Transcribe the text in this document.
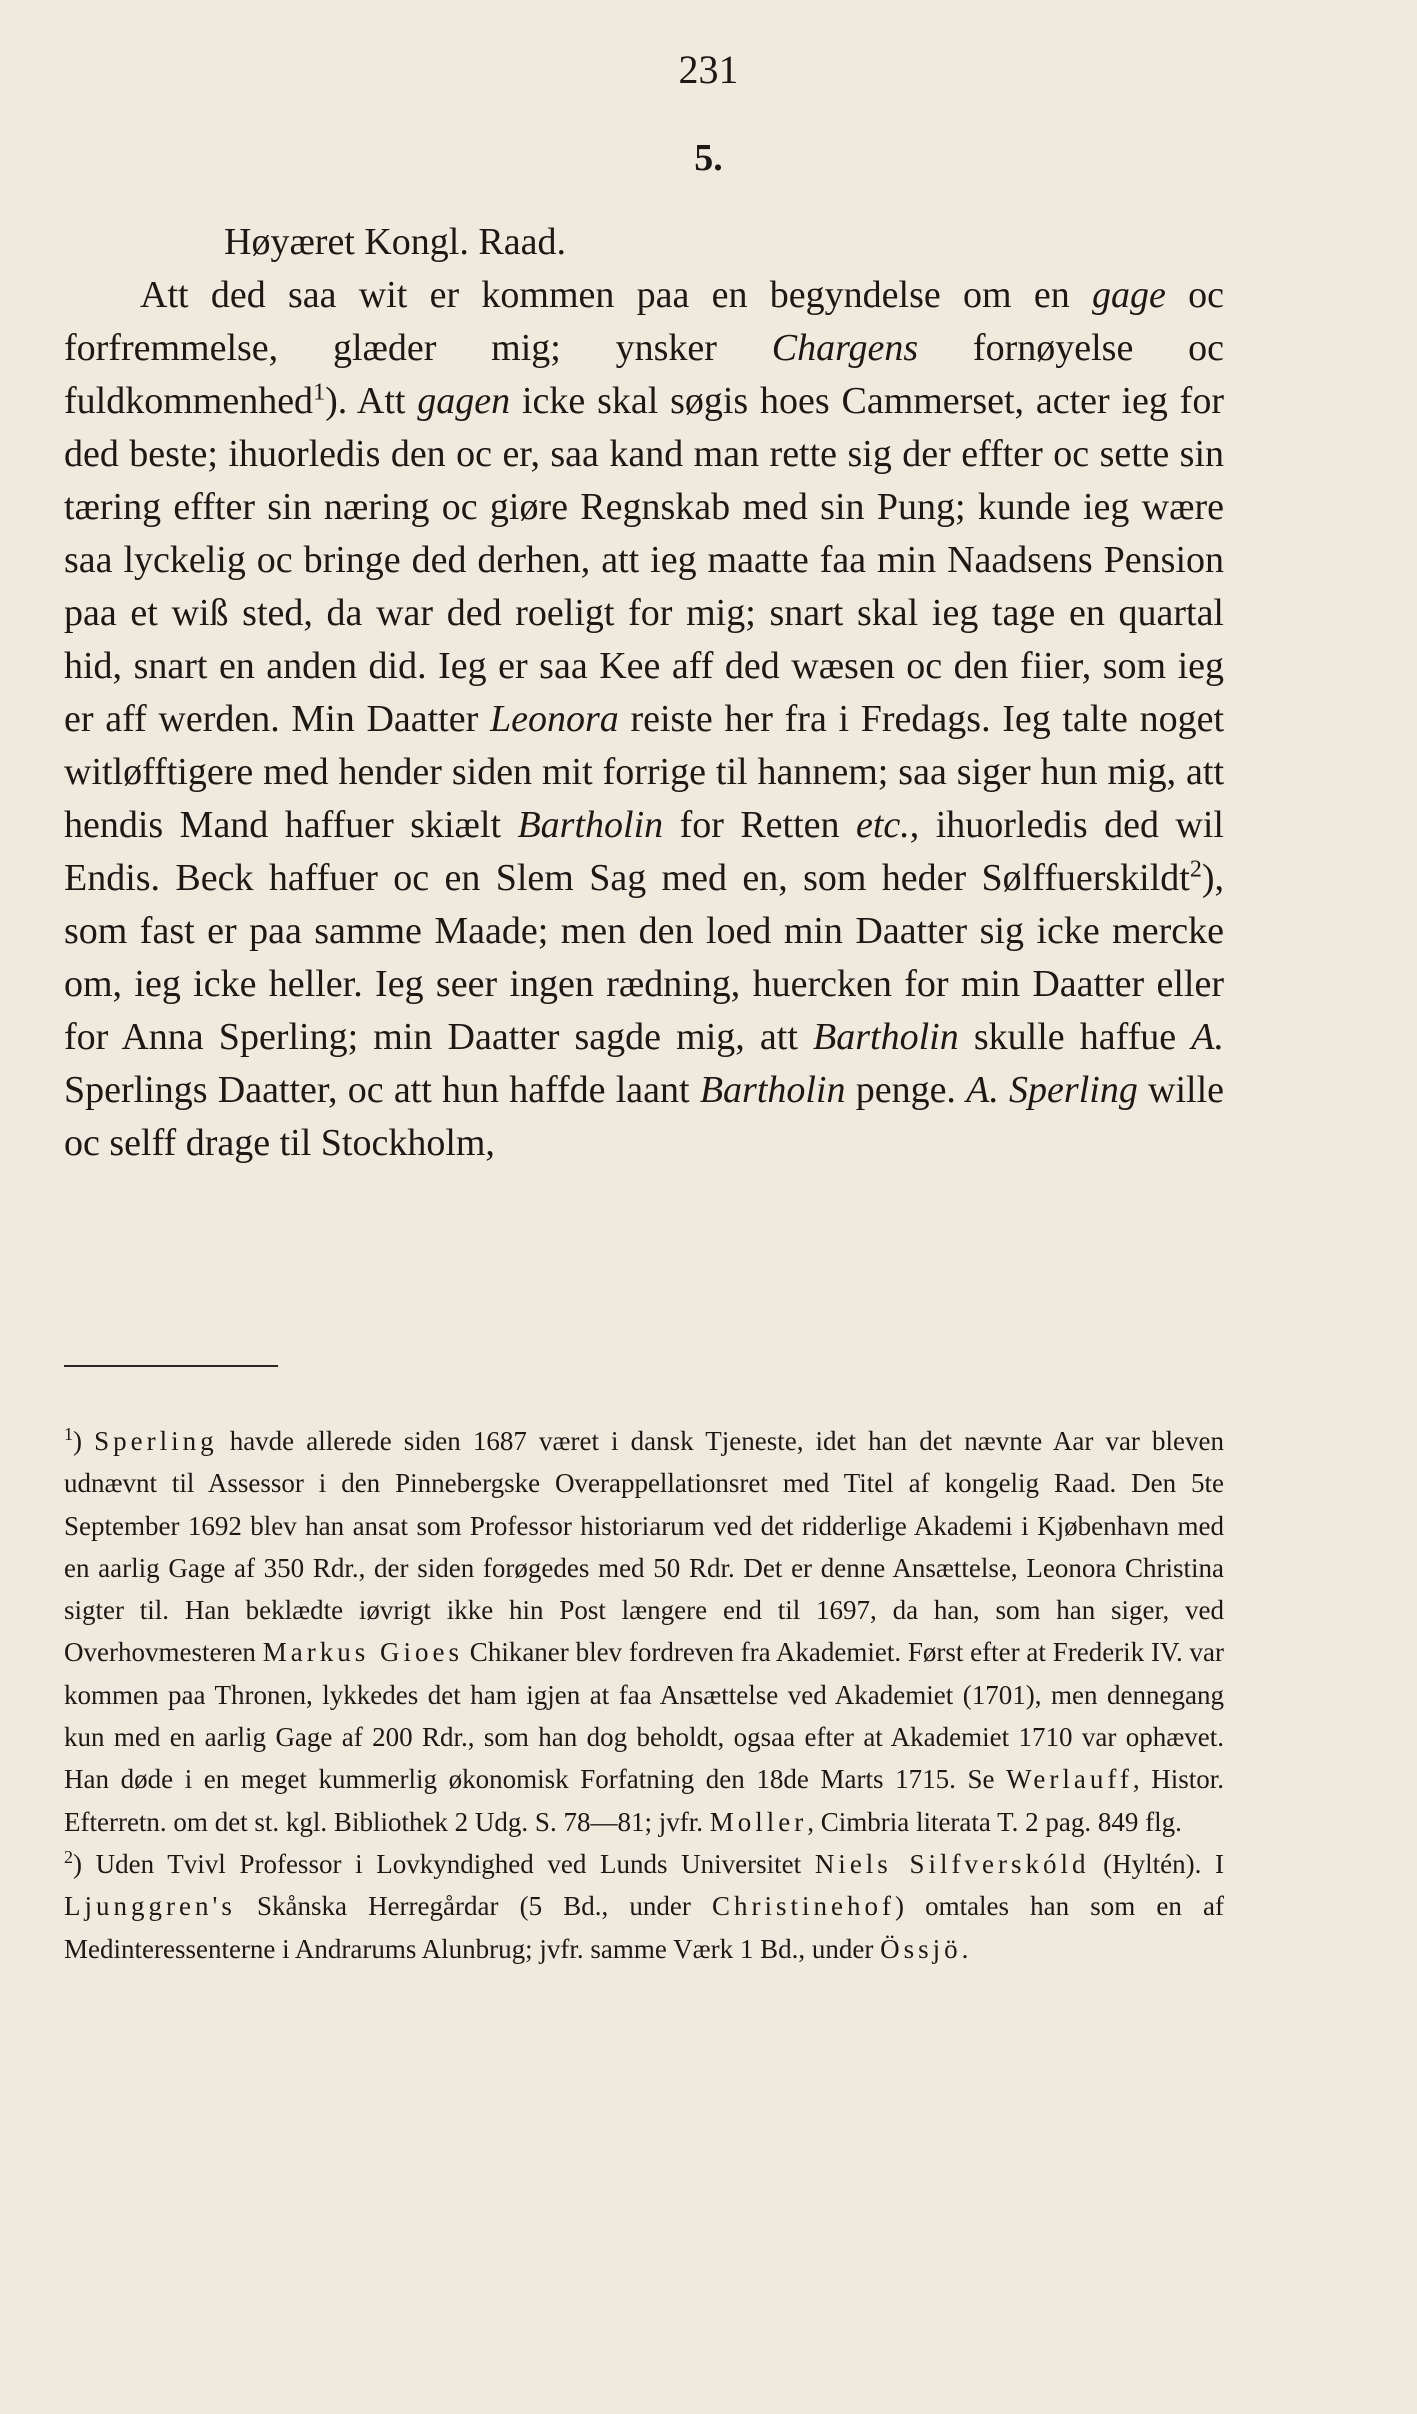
231
5.

Høyæret Kongl. Raad.

Att ded saa wit er kommen paa en begyndelse om en gage oc forfremmelse, glæder mig; ynsker Chargens fornøyelse oc fuldkommenhed$^1$). Att gagen icke skal søgis hoes Cammerset, acter ieg for ded beste; ihuorledis den oc er, saa kand man rette sig der effter oc sette sin tæring effter sin næring oc giøre Regnskab med sin Pung; kunde ieg wære saa lyckelig oc bringe ded derhen, att ieg maatte faa min Naadsens Pension paa et wiß sted, da war ded roeligt for mig; snart skal ieg tage en quartal hid, snart en anden did. Ieg er saa Kee aff ded wæsen oc den fiier, som ieg er aff werden. Min Daatter Leonora reiste her fra i Fredags. Ieg talte noget witløfftigere med hender siden mit forrige til hannem; saa siger hun mig, att hendis Mand haffuer skiælt Bartholin for Retten etc., ihuorledis ded wil Endis. Beck haffuer oc en Slem Sag med en, som heder Sølffuerskildt$^2$), som fast er paa samme Maade; men den loed min Daatter sig icke mercke om, ieg icke heller. Ieg seer ingen rædning, huercken for min Daatter eller for Anna Sperling; min Daatter sagde mig, att Bartholin skulle haffue A. Sperlings Daatter, oc att hun haffde laant Bartholin penge. A. Sperling wille oc selff drage til Stockholm,

$^1$) Sperling havde allerede siden 1687 været i dansk Tjeneste, idet han det nævnte Aar var bleven udnævnt til Assessor i den Pinnebergske Overappellationsret med Titel af kongelig Raad. Den 5te September 1692 blev han ansat som Professor historiarum ved det ridderlige Akademi i Kjøbenhavn med en aarlig Gage af 350 Rdr., der siden forøgedes med 50 Rdr. Det er denne Ansættelse, Leonora Christina sigter til. Han beklædte iøvrigt ikke hin Post længere end til 1697, da han, som han siger, ved Overhovmesteren Markus Gioes Chikaner blev fordreven fra Akademiet. Først efter at Frederik IV. var kommen paa Thronen, lykkedes det ham igjen at faa Ansættelse ved Akademiet (1701), men dennegang kun med en aarlig Gage af 200 Rdr., som han dog beholdt, ogsaa efter at Akademiet 1710 var ophævet. Han døde i en meget kummerlig økonomisk Forfatning den 18de Marts 1715. Se Werlauff, Histor. Efterretn. om det st. kgl. Bibliothek 2 Udg. S. 78—81; jvfr. Moller, Cimbria literata T. 2 pag. 849 flg.

$^2$) Uden Tvivl Professor i Lovkyndighed ved Lunds Universitet Niels Silfverskóld (Hyltén). I Ljunggren's Skånska Herregårdar (5 Bd., under Christinehof) omtales han som en af Medinteressenterne i Andrarums Alunbrug; jvfr. samme Værk 1 Bd., under Össjö.
